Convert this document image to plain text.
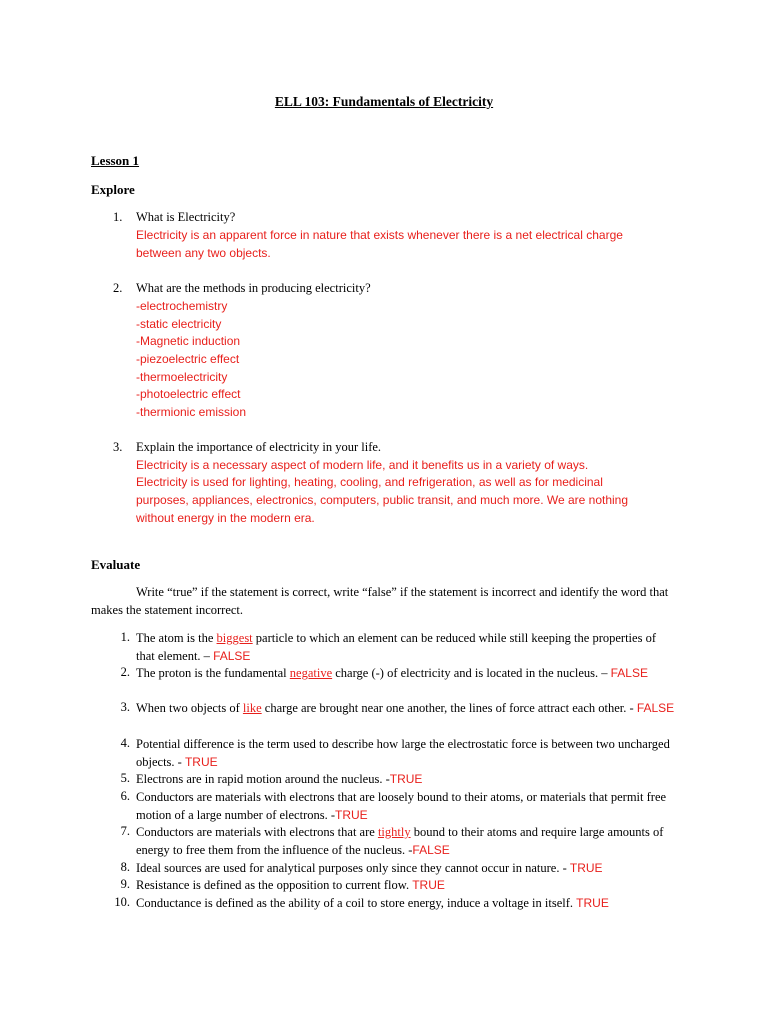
ELL 103: Fundamentals of Electricity
Lesson 1
Explore
1. What is Electricity?
Electricity is an apparent force in nature that exists whenever there is a net electrical charge
between any two objects.
2. What are the methods in producing electricity?
-electrochemistry
-static electricity
-Magnetic induction
-piezoelectric effect
-thermoelectricity
-photoelectric effect
-thermionic emission
3. Explain the importance of electricity in your life.
Electricity is a necessary aspect of modern life, and it benefits us in a variety of ways.
Electricity is used for lighting, heating, cooling, and refrigeration, as well as for medicinal
purposes, appliances, electronics, computers, public transit, and much more. We are nothing
without energy in the modern era.
Evaluate
Write “true” if the statement is correct, write “false” if the statement is incorrect and identify the word that makes the statement incorrect.
1. The atom is the biggest particle to which an element can be reduced while still keeping the properties of that element. – FALSE
2. The proton is the fundamental negative charge (-) of electricity and is located in the nucleus. – FALSE
3. When two objects of like charge are brought near one another, the lines of force attract each other. - FALSE
4. Potential difference is the term used to describe how large the electrostatic force is between two uncharged objects. - TRUE
5. Electrons are in rapid motion around the nucleus. -TRUE
6. Conductors are materials with electrons that are loosely bound to their atoms, or materials that permit free motion of a large number of electrons. -TRUE
7. Conductors are materials with electrons that are tightly bound to their atoms and require large amounts of energy to free them from the influence of the nucleus. -FALSE
8. Ideal sources are used for analytical purposes only since they cannot occur in nature. - TRUE
9. Resistance is defined as the opposition to current flow. TRUE
10. Conductance is defined as the ability of a coil to store energy, induce a voltage in itself. TRUE
